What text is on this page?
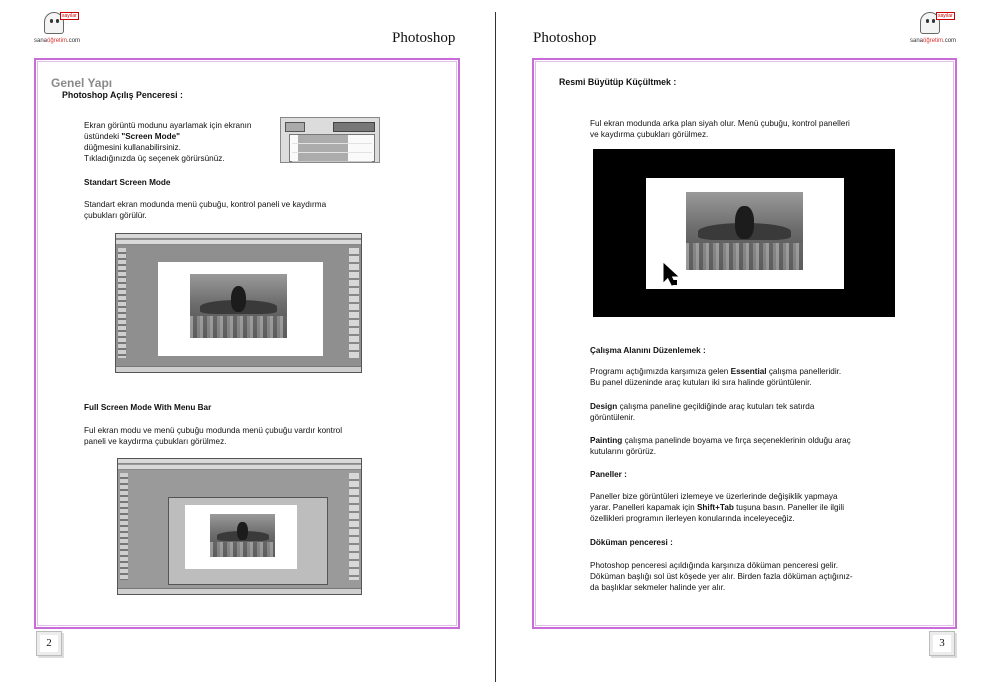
sayılar
sanaöğretim.com	Photoshop
Genel Yapı
Photoshop Açılış Penceresi :
Ekran görüntü modunu ayarlamak için ekranın
üstündeki "Screen Mode"
düğmesini kullanabilirsiniz.
Tıkladığınızda üç seçenek görürsünüz.
Standart Screen Mode
Standart ekran modunda menü çubuğu, kontrol paneli ve kaydırma
çubukları görülür.
Full Screen Mode With Menu Bar
Ful ekran modu ve menü çubuğu modunda menü çubuğu vardır kontrol
paneli ve kaydırma çubukları görülmez.
2
Photoshop
sayılar
sanaöğretim.com
Resmi Büyütüp Küçültmek :
Ful ekran modunda arka plan siyah olur. Menü çubuğu, kontrol panelleri
ve kaydırma çubukları görülmez.
Çalışma Alanını Düzenlemek :
Programı açtığımızda karşımıza gelen Essential çalışma panelleridir.
Bu panel düzeninde araç kutuları iki sıra halinde görüntülenir.
Design çalışma paneline geçildiğinde araç kutuları tek satırda
görüntülenir.
Painting çalışma panelinde boyama ve fırça seçeneklerinin olduğu araç
kutularını görürüz.
Paneller :
Paneller bize görüntüleri izlemeye ve üzerlerinde değişiklik yapmaya
yarar. Panelleri kapamak için Shift+Tab tuşuna basın. Paneller ile ilgili
özellikleri programın ilerleyen konularında inceleyeceğiz.
Döküman penceresi :
Photoshop penceresi açıldığında karşınıza döküman penceresi gelir.
Döküman başlığı sol üst köşede yer alır. Birden fazla döküman açtığınız-
da başlıklar sekmeler halinde yer alır.
3
